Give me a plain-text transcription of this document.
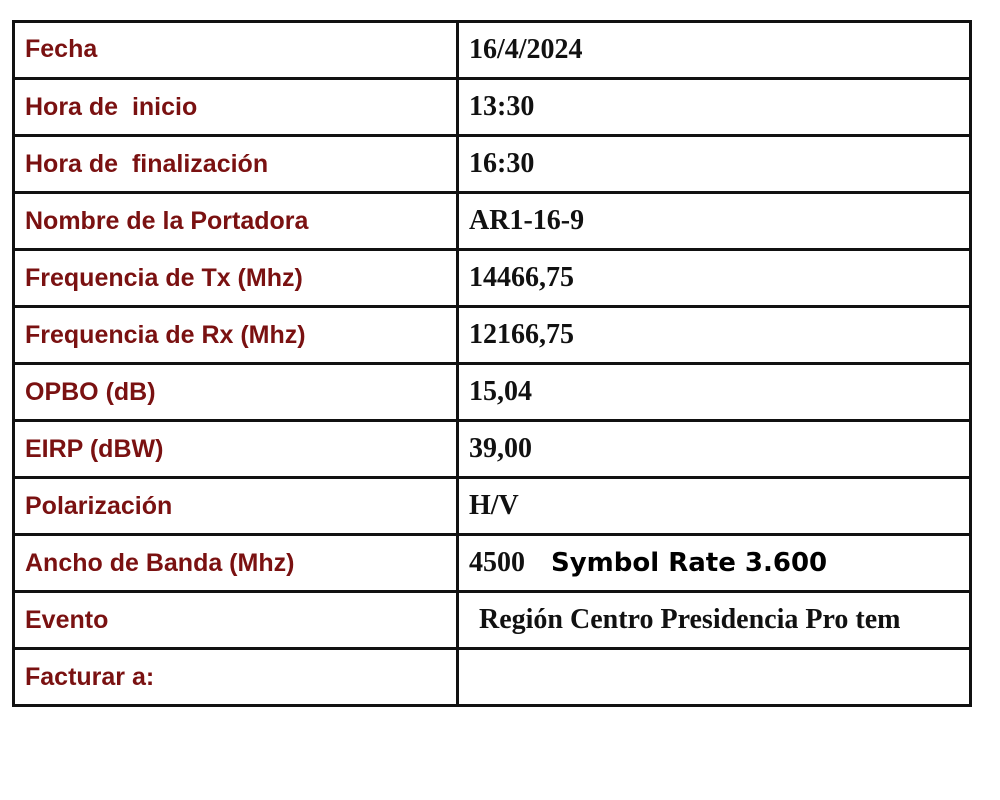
Fecha	16/4/2024
Hora de  inicio	13:30
Hora de  finalización	16:30
Nombre de la Portadora	AR1-16-9
Frequencia de Tx (Mhz)	14466,75
Frequencia de Rx (Mhz)	12166,75
OPBO (dB)	15,04
EIRP (dBW)	39,00
Polarización	H/V
Ancho de Banda (Mhz)	4500 Symbol Rate 3.600
Evento	Región Centro Presidencia Pro tem
Facturar a:	
